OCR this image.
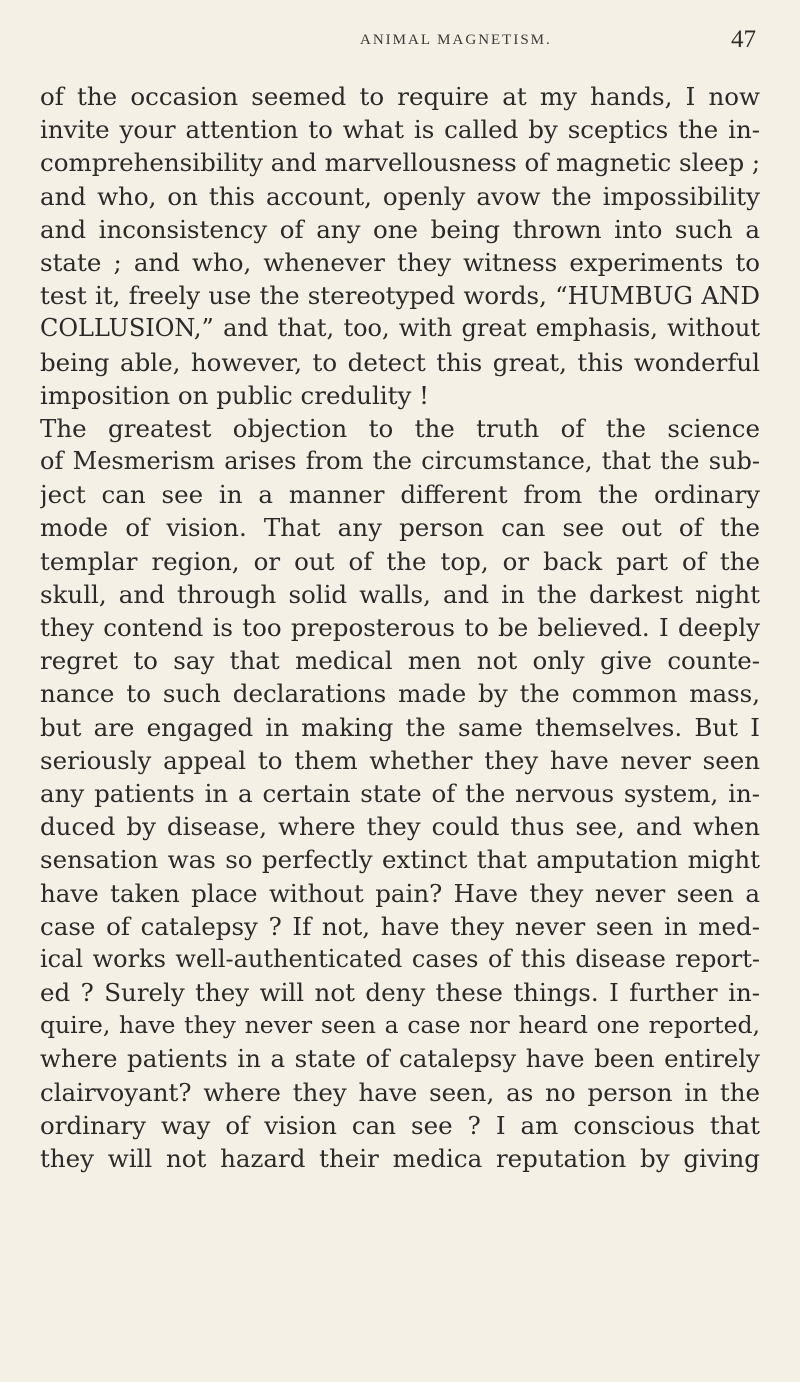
ANIMAL MAGNETISM.	47
of the occasion seemed to require at my hands, I now
invite your attention to what is called by sceptics the in-
comprehensibility and marvellousness of magnetic sleep ;
and who, on this account, openly avow the impossibility
and inconsistency of any one being thrown into such a
state ; and who, whenever they witness experiments to
test it, freely use the stereotyped words, “HUMBUG AND
COLLUSION,” and that, too, with great emphasis, without
being able, however, to detect this great, this wonderful
imposition on public credulity !
The greatest objection to the truth of the science
of Mesmerism arises from the circumstance, that the sub-
ject can see in a manner different from the ordinary
mode of vision. That any person can see out of the
templar region, or out of the top, or back part of the
skull, and through solid walls, and in the darkest night
they contend is too preposterous to be believed. I deeply
regret to say that medical men not only give counte-
nance to such declarations made by the common mass,
but are engaged in making the same themselves. But I
seriously appeal to them whether they have never seen
any patients in a certain state of the nervous system, in-
duced by disease, where they could thus see, and when
sensation was so perfectly extinct that amputation might
have taken place without pain? Have they never seen a
case of catalepsy ? If not, have they never seen in med-
ical works well-authenticated cases of this disease report-
ed ? Surely they will not deny these things. I further in-
quire, have they never seen a case nor heard one reported,
where patients in a state of catalepsy have been entirely
clairvoyant? where they have seen, as no person in the
ordinary way of vision can see ? I am conscious that
they will not hazard their medica reputation by giving
